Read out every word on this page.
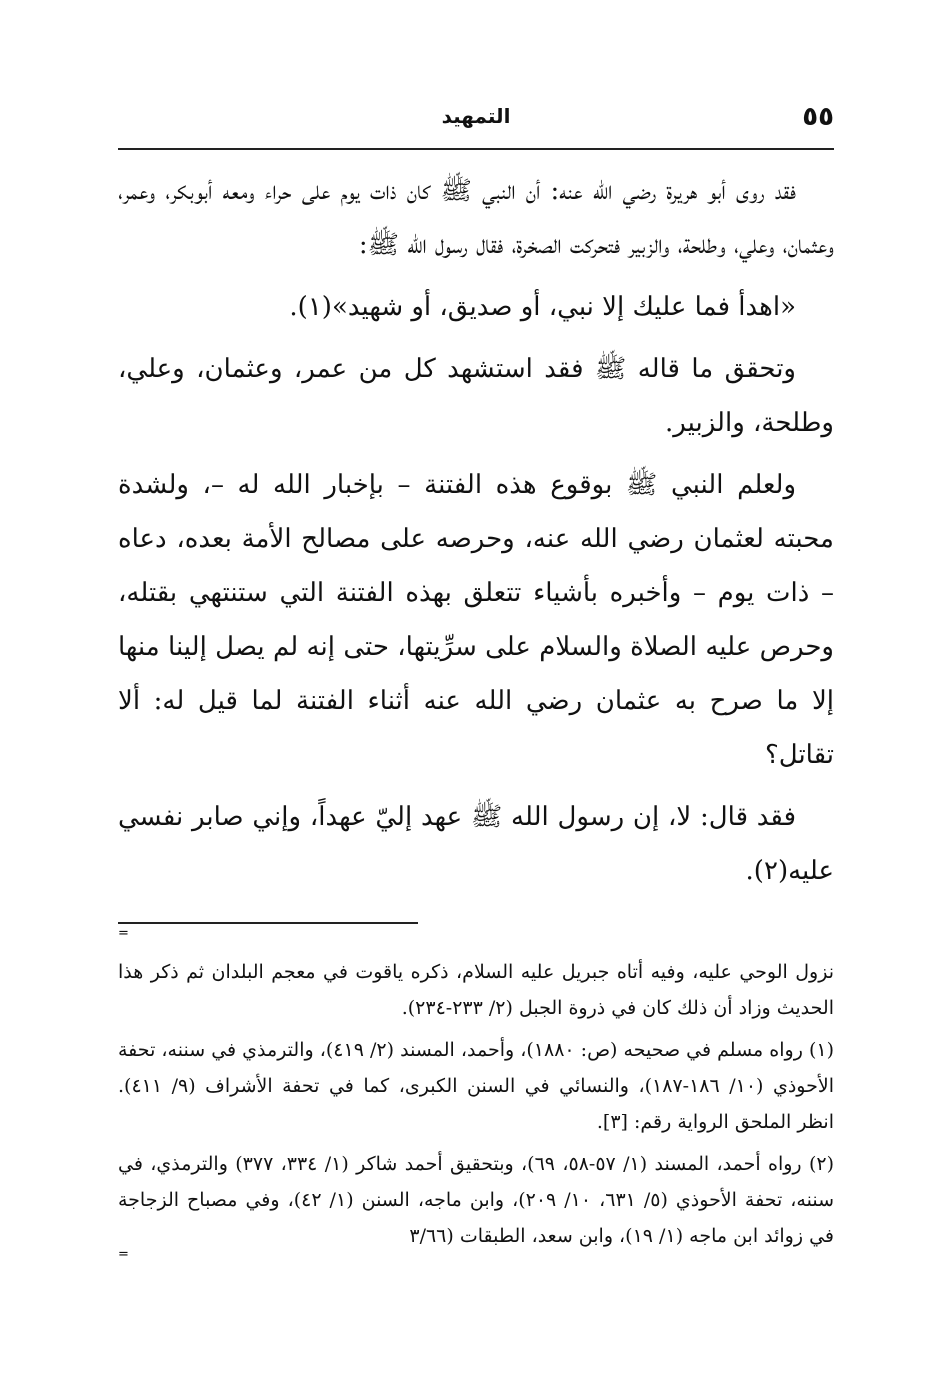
٥٥
التمهيد

فقد روى أبو هريرة رضي الله عنه: أن النبي ﷺ كان ذات يوم على حراء ومعه أبوبكر، وعمر، وعثمان، وعلي، وطلحة، والزبير فتحركت الصخرة، فقال رسول الله ﷺ:

«اهدأ فما عليك إلا نبي، أو صديق، أو شهيد»(١).

وتحقق ما قاله ﷺ فقد استشهد كل من عمر، وعثمان، وعلي، وطلحة، والزبير.

ولعلم النبي ﷺ بوقوع هذه الفتنة – بإخبار الله له –، ولشدة محبته لعثمان رضي الله عنه، وحرصه على مصالح الأمة بعده، دعاه – ذات يوم – وأخبره بأشياء تتعلق بهذه الفتنة التي ستنتهي بقتله، وحرص عليه الصلاة والسلام على سرِّيتها، حتى إنه لم يصل إلينا منها إلا ما صرح به عثمان رضي الله عنه أثناء الفتنة لما قيل له: ألا تقاتل؟

فقد قال: لا، إن رسول الله ﷺ عهد إليّ عهداً، وإني صابر نفسي عليه(٢).

=

نزول الوحي عليه، وفيه أتاه جبريل عليه السلام، ذكره ياقوت في معجم البلدان ثم ذكر هذا الحديث وزاد أن ذلك كان في ذروة الجبل (٢/ ٢٣٣-٢٣٤).

(١) رواه مسلم في صحيحه (ص: ١٨٨٠)، وأحمد، المسند (٢/ ٤١٩)، والترمذي في سننه، تحفة الأحوذي (١٠/ ١٨٦-١٨٧)، والنسائي في السنن الكبرى، كما في تحفة الأشراف (٩/ ٤١١). انظر الملحق الرواية رقم: [٣].

(٢) رواه أحمد، المسند (١/ ٥٧-٥٨، ٦٩)، وبتحقيق أحمد شاكر (١/ ٣٣٤، ٣٧٧) والترمذي، في سننه، تحفة الأحوذي (٥/ ٦٣١، ١٠/ ٢٠٩)، وابن ماجه، السنن (١/ ٤٢)، وفي مصباح الزجاجة في زوائد ابن ماجه (١/ ١٩)، وابن سعد، الطبقات (٣/٦٦

=
